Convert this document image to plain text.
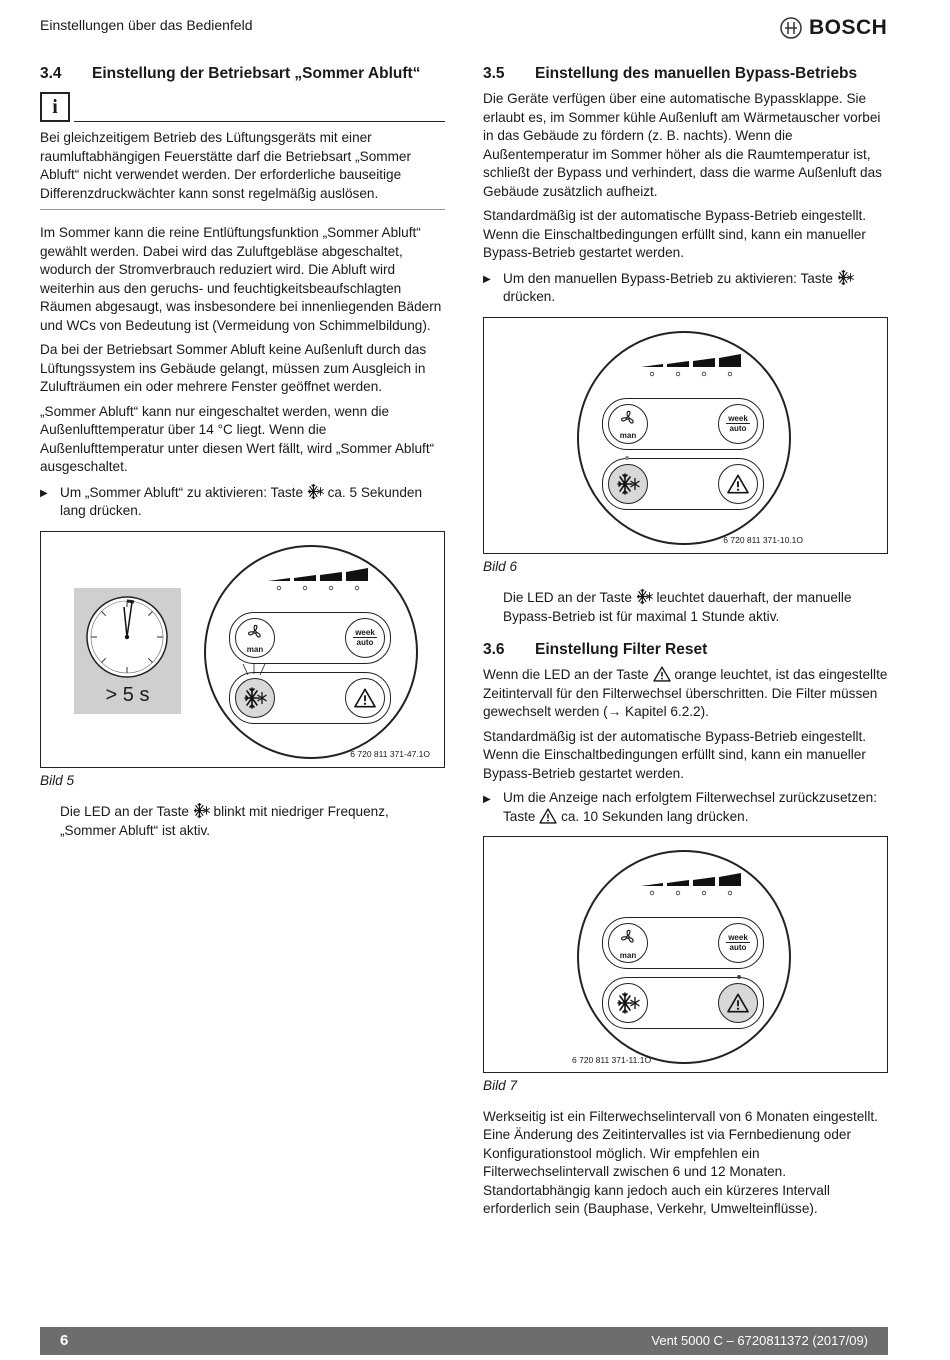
Einstellungen über das Bedienfeld	BOSCH
3.4 Einstellung der Betriebsart „Sommer Abluft“
i
Bei gleichzeitigem Betrieb des Lüftungsgeräts mit einer raumluftabhängigen Feuerstätte darf die Betriebsart „Sommer Abluft“ nicht verwendet werden. Der erforderliche bauseitige Differenzdruckwächter kann sonst regelmäßig auslösen.

Im Sommer kann die reine Entlüftungsfunktion „Sommer Abluft“ gewählt werden. Dabei wird das Zuluftgebläse abgeschaltet, wodurch der Stromverbrauch reduziert wird. Die Abluft wird weiterhin aus den geruchs- und feuchtigkeitsbeaufschlagten Räumen abgesaugt, was insbesondere bei innenliegenden Bädern und WCs von Bedeutung ist (Vermeidung von Schimmelbildung).

Da bei der Betriebsart Sommer Abluft keine Außenluft durch das Lüftungssystem ins Gebäude gelangt, müssen zum Ausgleich in Zulufträumen ein oder mehrere Fenster geöffnet werden.

„Sommer Abluft“ kann nur eingeschaltet werden, wenn die Außenlufttemperatur über 14 °C liegt. Wenn die Außenlufttemperatur unter diesen Wert fällt, wird „Sommer Abluft“ ausgeschaltet.

▶ Um „Sommer Abluft“ zu aktivieren: Taste ca. 5 Sekunden lang drücken.
> 5 s
man
week
auto
6 720 811 371-47.1O
Bild 5

Die LED an der Taste blinkt mit niedriger Frequenz, „Sommer Abluft“ ist aktiv.

3.5 Einstellung des manuellen Bypass-Betriebs

Die Geräte verfügen über eine automatische Bypassklappe. Sie erlaubt es, im Sommer kühle Außenluft am Wärmetauscher vorbei in das Gebäude zu fördern (z. B. nachts). Wenn die Außentemperatur im Sommer höher als die Raumtemperatur ist, schließt der Bypass und verhindert, dass die warme Außenluft das Gebäude zusätzlich aufheizt.

Standardmäßig ist der automatische Bypass-Betrieb eingestellt. Wenn die Einschaltbedingungen erfüllt sind, kann ein manueller Bypass-Betrieb gestartet werden.

▶ Um den manuellen Bypass-Betrieb zu aktivieren: Taste  drücken.
man
week
auto
6 720 811 371-10.1O
Bild 6

Die LED an der Taste leuchtet dauerhaft, der manuelle Bypass-Betrieb ist für maximal 1 Stunde aktiv.

3.6 Einstellung Filter Reset

Wenn die LED an der Taste orange leuchtet, ist das eingestellte Zeitintervall für den Filterwechsel überschritten. Die Filter müssen gewechselt werden (→ Kapitel 6.2.2).

Standardmäßig ist der automatische Bypass-Betrieb eingestellt. Wenn die Einschaltbedingungen erfüllt sind, kann ein manueller Bypass-Betrieb gestartet werden.

▶ Um die Anzeige nach erfolgtem Filterwechsel zurückzusetzen: Taste ca. 10 Sekunden lang drücken.
man
week
auto
6 720 811 371-11.1O
Bild 7

Werkseitig ist ein Filterwechselintervall von 6 Monaten eingestellt. Eine Änderung des Zeitintervalles ist via Fernbedienung oder Konfigurationstool möglich. Wir empfehlen ein Filterwechselintervall zwischen 6 und 12 Monaten. Standortabhängig kann jedoch auch ein kürzeres Intervall erforderlich sein (Bauphase, Verkehr, Umwelteinflüsse).

6	Vent 5000 C – 6720811372 (2017/09)
